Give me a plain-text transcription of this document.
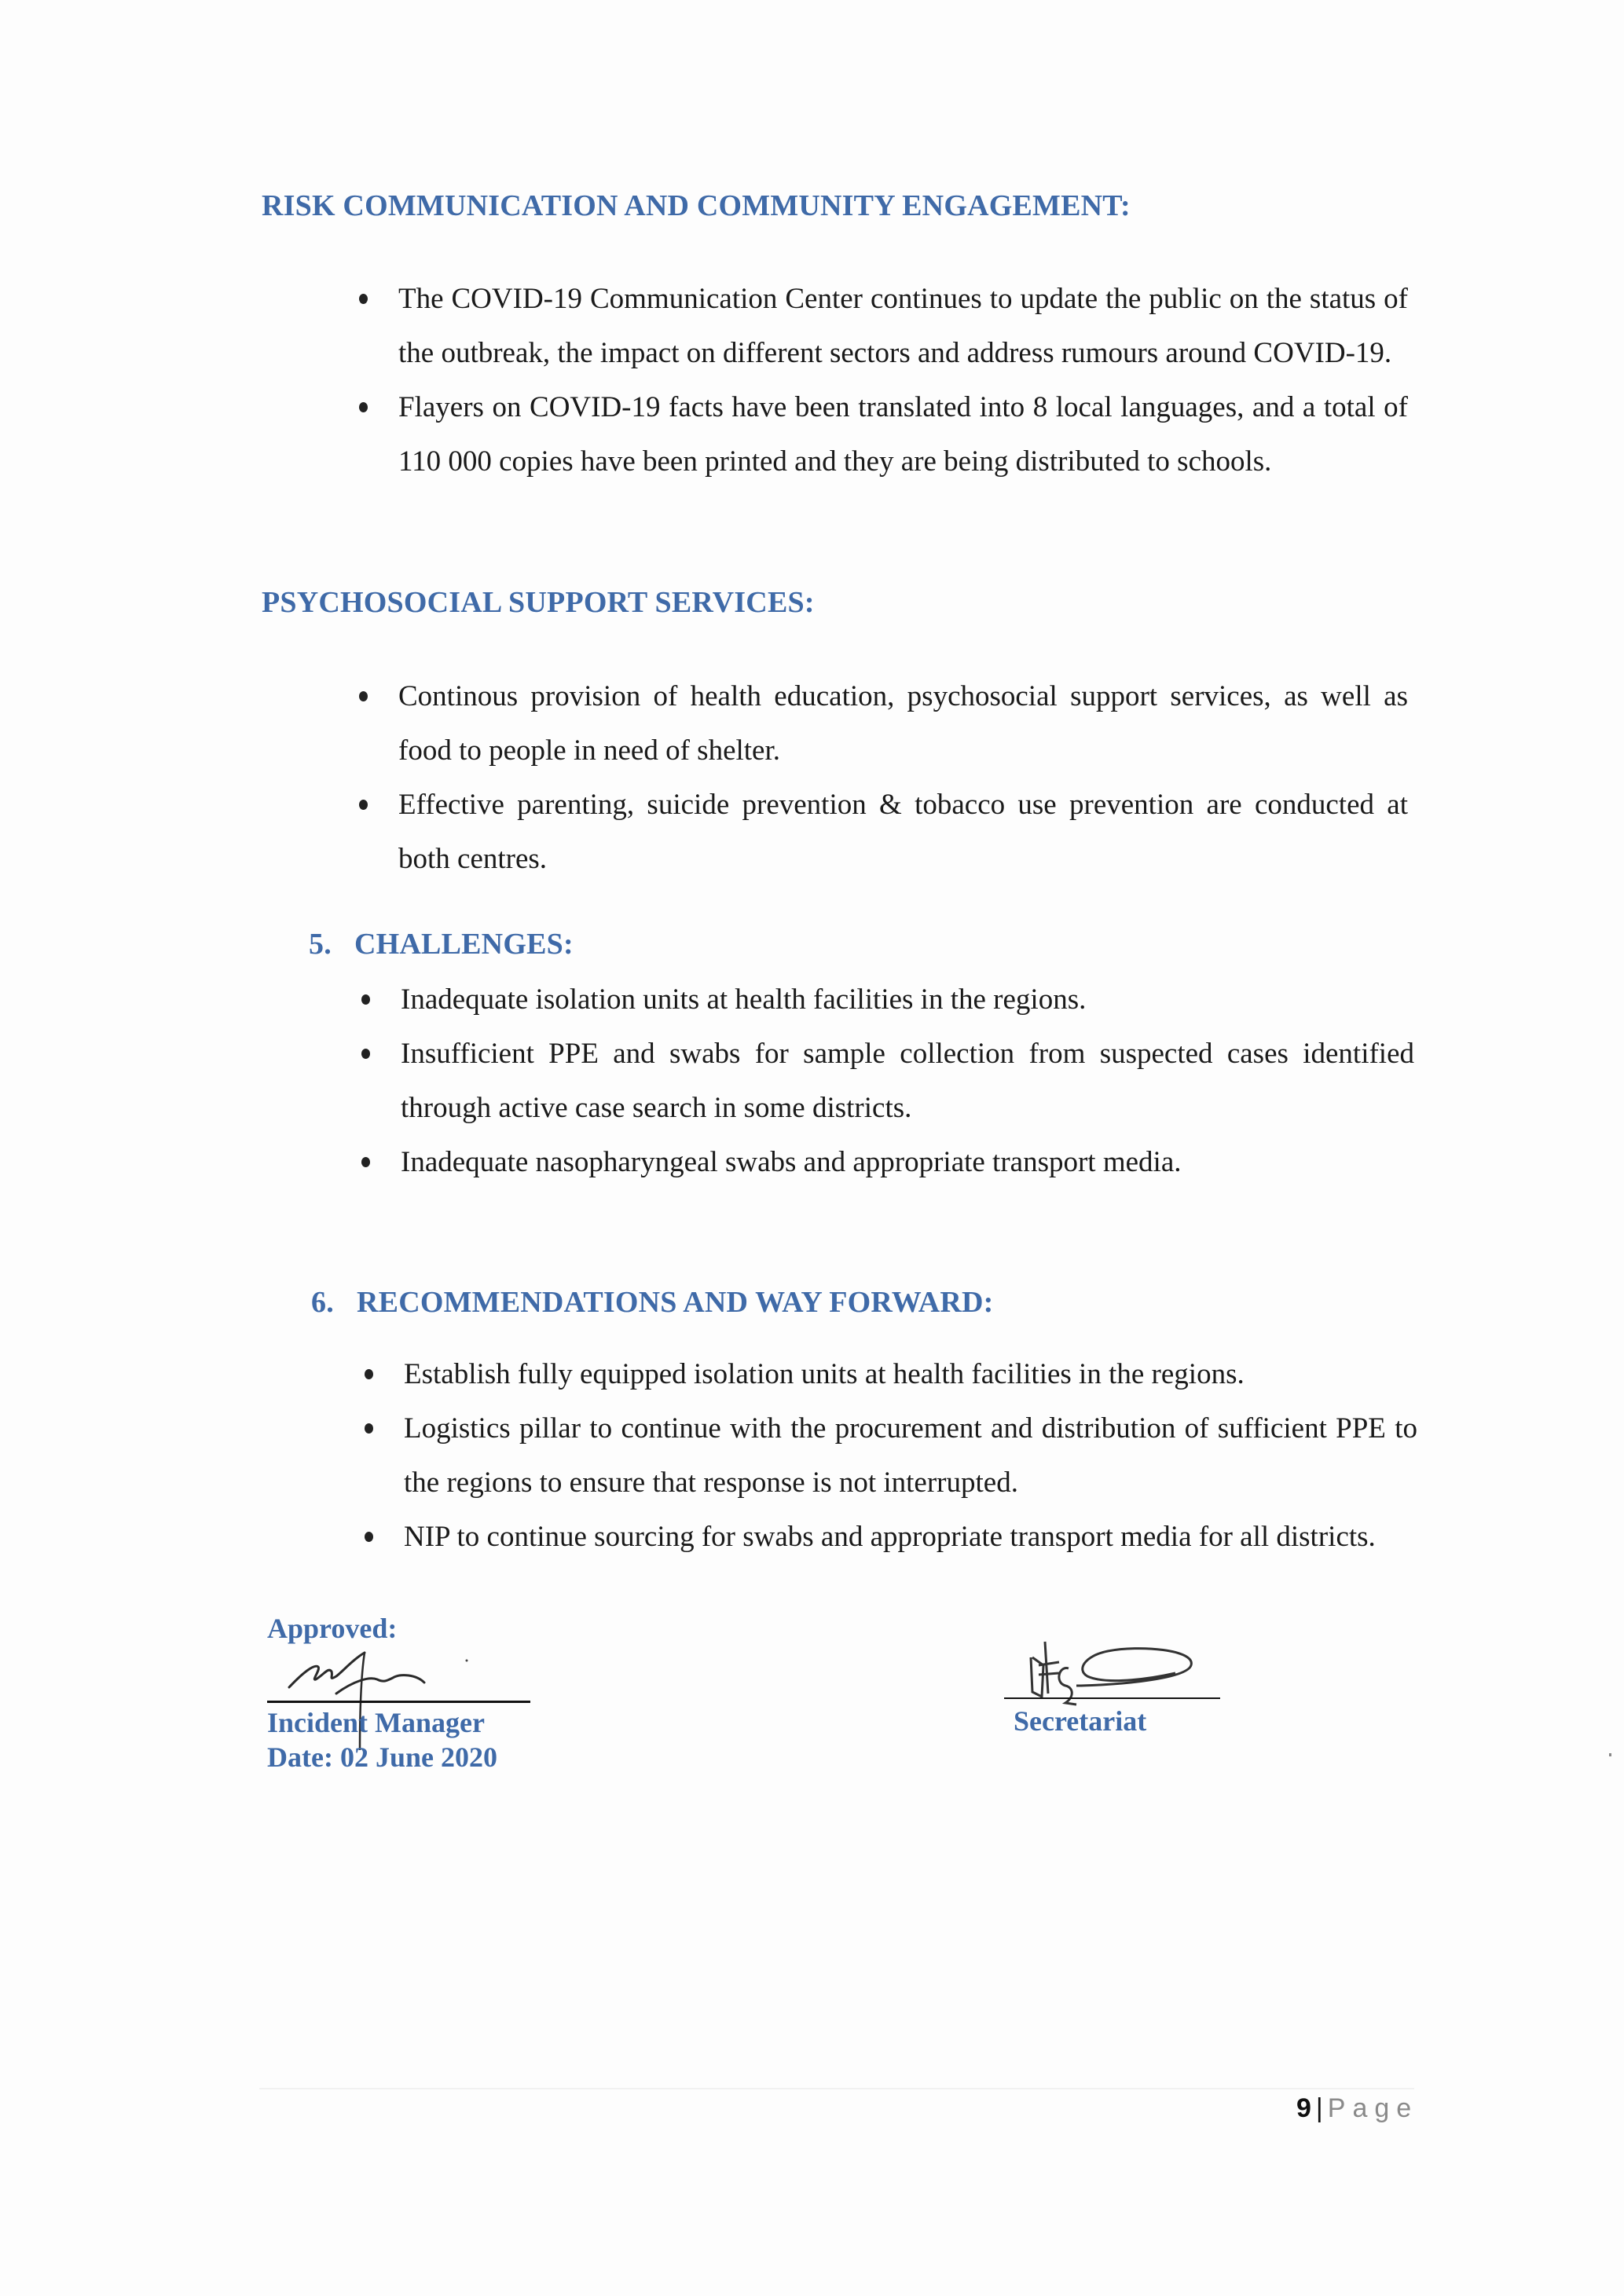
RISK COMMUNICATION AND COMMUNITY ENGAGEMENT:
The COVID-19 Communication Center continues to update the public on the status of the outbreak, the impact on different sectors and address rumours around COVID-19.
Flayers on COVID-19 facts have been translated into 8 local languages, and a total of 110 000 copies have been printed and they are being distributed to schools.
PSYCHOSOCIAL SUPPORT SERVICES:
Continous provision of health education, psychosocial support services, as well as food to people in need of shelter.
Effective parenting, suicide prevention & tobacco use prevention are conducted at both centres.
5. CHALLENGES:
Inadequate isolation units at health facilities in the regions.
Insufficient PPE and swabs for sample collection from suspected cases identified through active case search in some districts.
Inadequate nasopharyngeal swabs and appropriate transport media.
6. RECOMMENDATIONS AND WAY FORWARD:
Establish fully equipped isolation units at health facilities in the regions.
Logistics pillar to continue with the procurement and distribution of sufficient PPE to the regions to ensure that response is not interrupted.
NIP to continue sourcing for swabs and appropriate transport media for all districts.
Approved:
Incident Manager
Date: 02 June 2020
Secretariat
9 | Page
